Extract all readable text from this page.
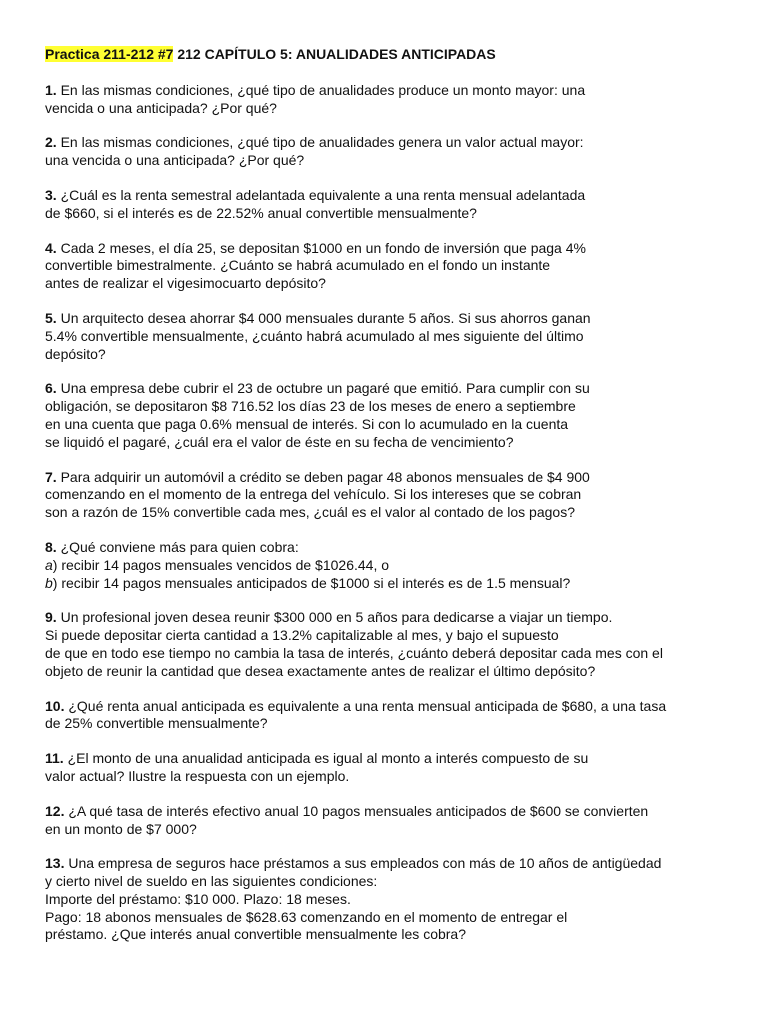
Practica 211-212 #7 212 CAPÍTULO 5: ANUALIDADES ANTICIPADAS
1. En las mismas condiciones, ¿qué tipo de anualidades produce un monto mayor: una
vencida o una anticipada? ¿Por qué?
2. En las mismas condiciones, ¿qué tipo de anualidades genera un valor actual mayor:
una vencida o una anticipada? ¿Por qué?
3. ¿Cuál es la renta semestral adelantada equivalente a una renta mensual adelantada
de $660, si el interés es de 22.52% anual convertible mensualmente?
4. Cada 2 meses, el día 25, se depositan $1000 en un fondo de inversión que paga 4%
convertible bimestralmente. ¿Cuánto se habrá acumulado en el fondo un instante
antes de realizar el vigesimocuarto depósito?
5. Un arquitecto desea ahorrar $4 000 mensuales durante 5 años. Si sus ahorros ganan
5.4% convertible mensualmente, ¿cuánto habrá acumulado al mes siguiente del último
depósito?
6. Una empresa debe cubrir el 23 de octubre un pagaré que emitió. Para cumplir con su
obligación, se depositaron $8 716.52 los días 23 de los meses de enero a septiembre
en una cuenta que paga 0.6% mensual de interés. Si con lo acumulado en la cuenta
se liquidó el pagaré, ¿cuál era el valor de éste en su fecha de vencimiento?
7. Para adquirir un automóvil a crédito se deben pagar 48 abonos mensuales de $4 900
comenzando en el momento de la entrega del vehículo. Si los intereses que se cobran
son a razón de 15% convertible cada mes, ¿cuál es el valor al contado de los pagos?
8. ¿Qué conviene más para quien cobra:
a) recibir 14 pagos mensuales vencidos de $1026.44, o
b) recibir 14 pagos mensuales anticipados de $1000 si el interés es de 1.5 mensual?
9. Un profesional joven desea reunir $300 000 en 5 años para dedicarse a viajar un tiempo.
Si puede depositar cierta cantidad a 13.2% capitalizable al mes, y bajo el supuesto
de que en todo ese tiempo no cambia la tasa de interés, ¿cuánto deberá depositar cada mes con el
objeto de reunir la cantidad que desea exactamente antes de realizar el último depósito?
10. ¿Qué renta anual anticipada es equivalente a una renta mensual anticipada de $680, a una tasa
de 25% convertible mensualmente?
11. ¿El monto de una anualidad anticipada es igual al monto a interés compuesto de su
valor actual? Ilustre la respuesta con un ejemplo.
12. ¿A qué tasa de interés efectivo anual 10 pagos mensuales anticipados de $600 se convierten
en un monto de $7 000?
13. Una empresa de seguros hace préstamos a sus empleados con más de 10 años de antigüedad
y cierto nivel de sueldo en las siguientes condiciones:
Importe del préstamo: $10 000. Plazo: 18 meses.
Pago: 18 abonos mensuales de $628.63 comenzando en el momento de entregar el
préstamo. ¿Que interés anual convertible mensualmente les cobra?
